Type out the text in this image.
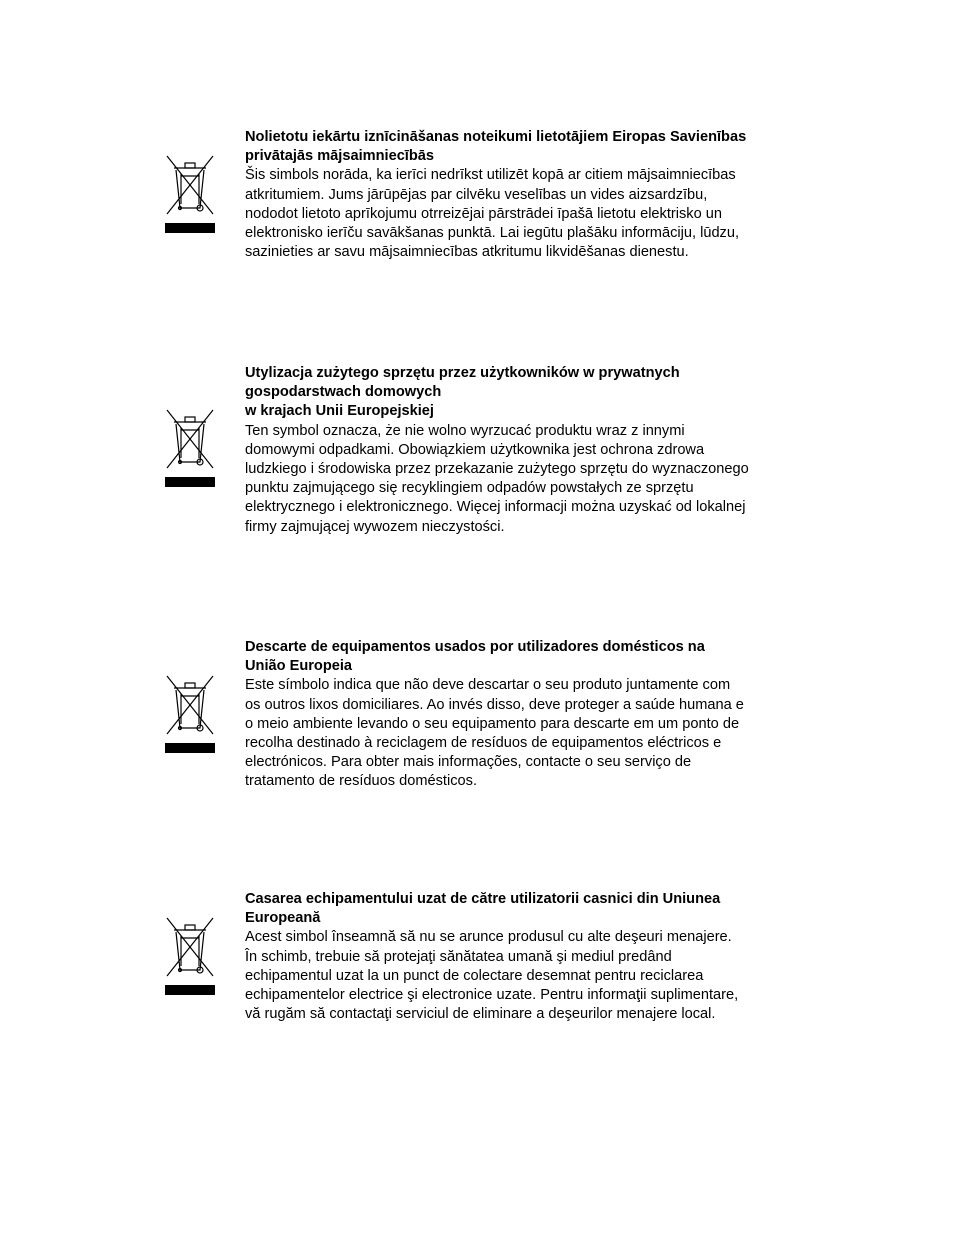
Nolietotu iekārtu iznīcināšanas noteikumi lietotājiem Eiropas Savienības
privātajās mājsaimniecībās

Šis simbols norāda, ka ierīci nedrīkst utilizēt kopā ar citiem mājsaimniecības
atkritumiem. Jums jārūpējas par cilvēku veselības un vides aizsardzību,
nododot lietoto aprīkojumu otrreizējai pārstrādei īpašā lietotu elektrisko un
elektronisko ierīču savākšanas punktā. Lai iegūtu plašāku informāciju, lūdzu,
sazinieties ar savu mājsaimniecības atkritumu likvidēšanas dienestu.

Utylizacja zużytego sprzętu przez użytkowników w prywatnych
gospodarstwach domowych
w krajach Unii Europejskiej

Ten symbol oznacza, że nie wolno wyrzucać produktu wraz z innymi
domowymi odpadkami. Obowiązkiem użytkownika jest ochrona zdrowa
ludzkiego i środowiska przez przekazanie zużytego sprzętu do wyznaczonego
punktu zajmującego się recyklingiem odpadów powstałych ze sprzętu
elektrycznego i elektronicznego. Więcej informacji można uzyskać od lokalnej
firmy zajmującej wywozem nieczystości.

Descarte de equipamentos usados por utilizadores domésticos na
União Europeia

Este símbolo indica que não deve descartar o seu produto juntamente com
os outros lixos domiciliares. Ao invés disso, deve proteger a saúde humana e
o meio ambiente levando o seu equipamento para descarte em um ponto de
recolha destinado à reciclagem de resíduos de equipamentos eléctricos e
electrónicos. Para obter mais informações, contacte o seu serviço de
tratamento de resíduos domésticos.

Casarea echipamentului uzat de către utilizatorii casnici din Uniunea
Europeană

Acest simbol înseamnă să nu se arunce produsul cu alte deşeuri menajere.
În schimb, trebuie să protejaţi sănătatea umană şi mediul predând
echipamentul uzat la un punct de colectare desemnat pentru reciclarea
echipamentelor electrice şi electronice uzate. Pentru informaţii suplimentare,
vă rugăm să contactaţi serviciul de eliminare a deşeurilor menajere local.
